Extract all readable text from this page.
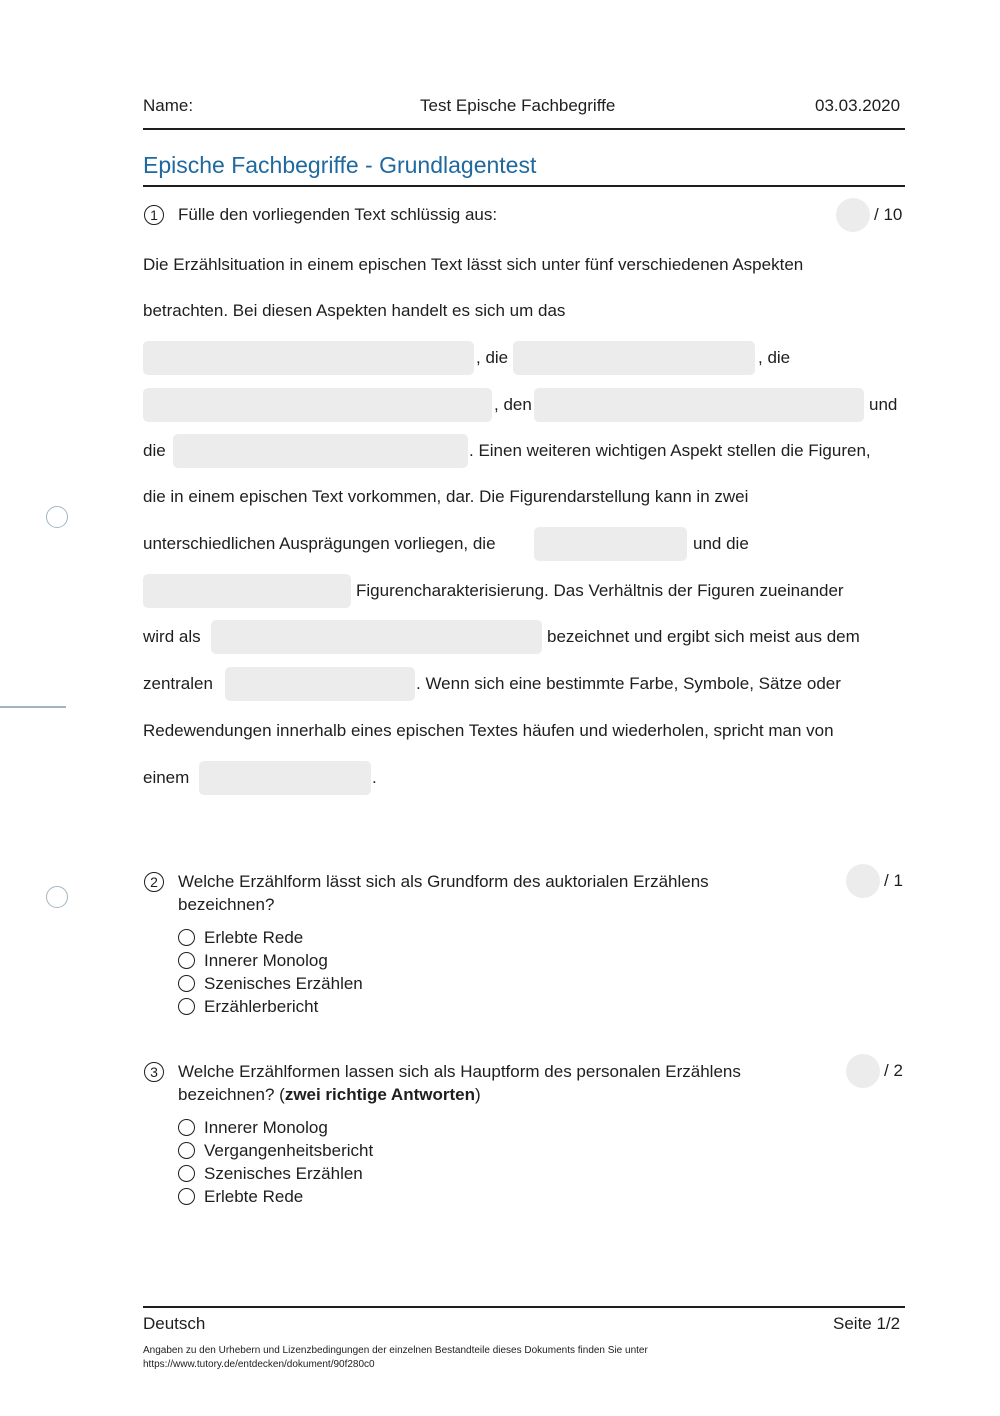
Name:	Test Epische Fachbegriffe	03.03.2020
Epische Fachbegriffe - Grundlagentest
1	Fülle den vorliegenden Text schlüssig aus:	/ 10
Die Erzählsituation in einem epischen Text lässt sich unter fünf verschiedenen Aspekten
betrachten. Bei diesen Aspekten handelt es sich um das
, die	, die
, den	und
die	. Einen weiteren wichtigen Aspekt stellen die Figuren,
die in einem epischen Text vorkommen, dar. Die Figurendarstellung kann in zwei
unterschiedlichen Ausprägungen vorliegen, die	und die
Figurencharakterisierung. Das Verhältnis der Figuren zueinander
wird als	bezeichnet und ergibt sich meist aus dem
zentralen	. Wenn sich eine bestimmte Farbe, Symbole, Sätze oder
Redewendungen innerhalb eines epischen Textes häufen und wiederholen, spricht man von
einem	.
2	Welche Erzählform lässt sich als Grundform des auktorialen Erzählens
bezeichnen?
/ 1
Erlebte Rede
Innerer Monolog
Szenisches Erzählen
Erzählerbericht
3	Welche Erzählformen lassen sich als Hauptform des personalen Erzählens
bezeichnen? (zwei richtige Antworten)
/ 2
Innerer Monolog
Vergangenheitsbericht
Szenisches Erzählen
Erlebte Rede
Deutsch	Seite 1/2
Angaben zu den Urhebern und Lizenzbedingungen der einzelnen Bestandteile dieses Dokuments finden Sie unter
https://www.tutory.de/entdecken/dokument/90f280c0
